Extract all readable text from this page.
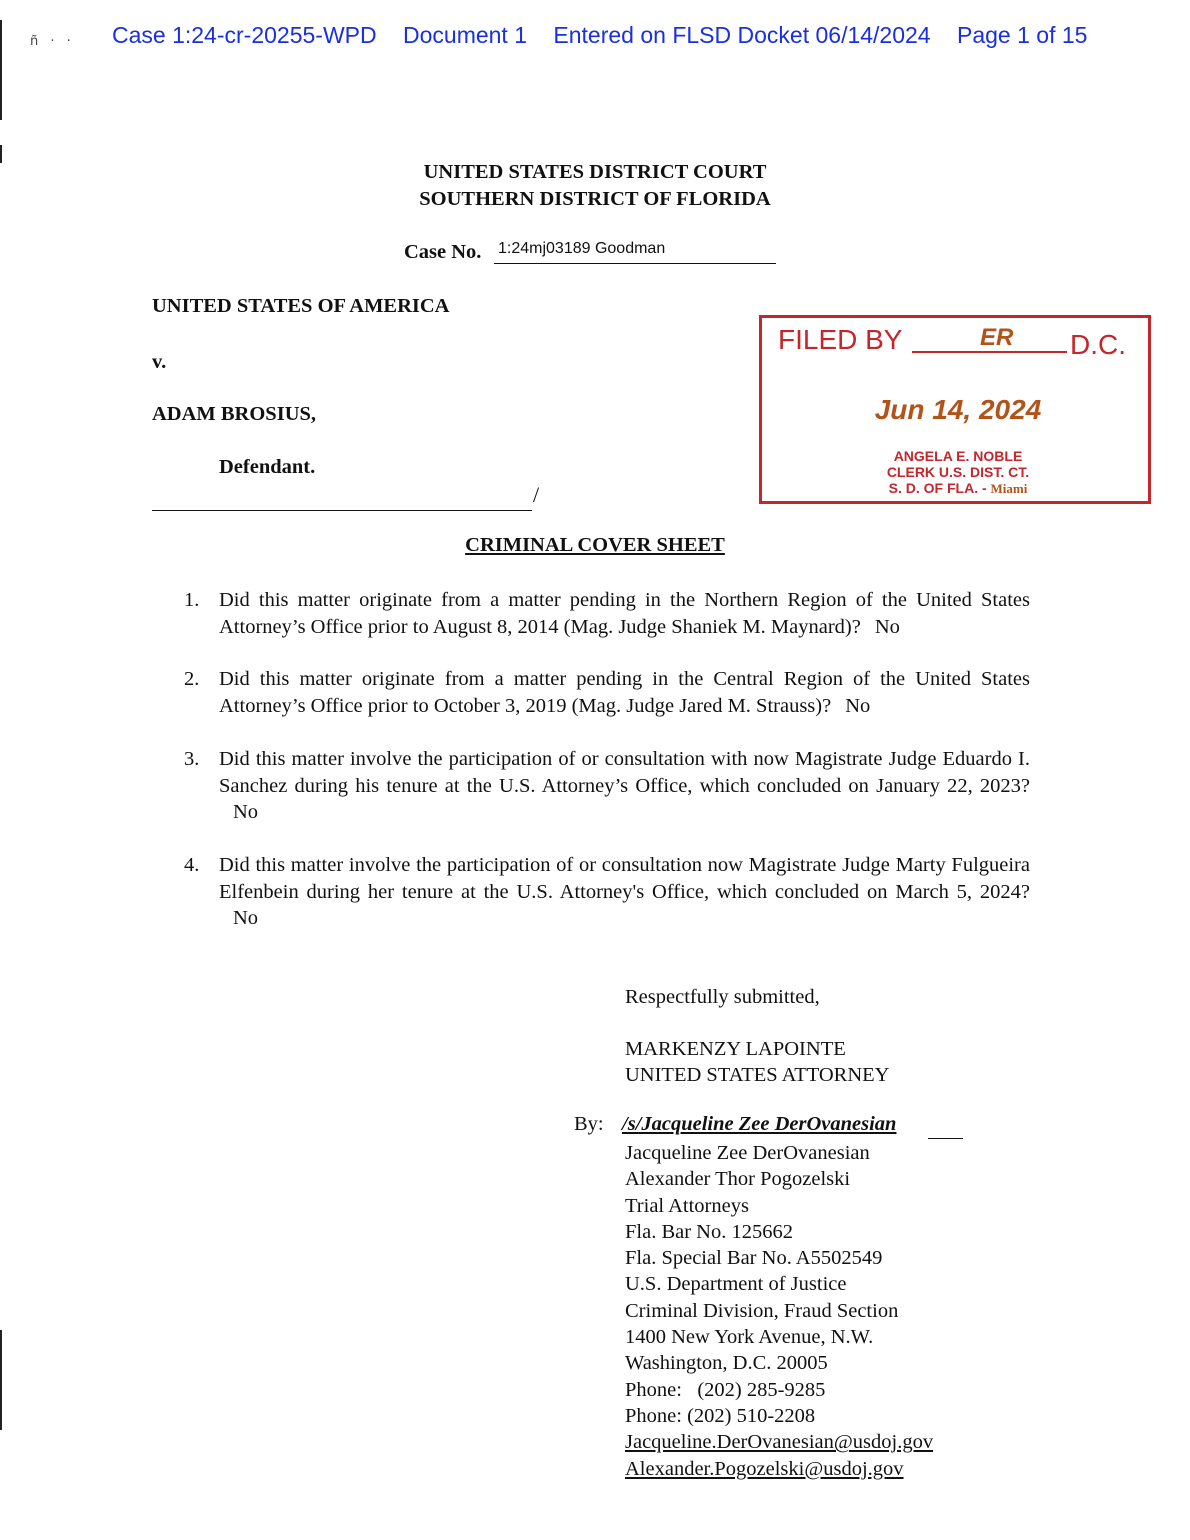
ñ · · Case 1:24-cr-20255-WPD Document 1 Entered on FLSD Docket 06/14/2024 Page 1 of 15
UNITED STATES DISTRICT COURT
SOUTHERN DISTRICT OF FLORIDA
Case No. 1:24mj03189 Goodman
UNITED STATES OF AMERICA
v.
ADAM BROSIUS,
Defendant.
/
FILED BY	ER D.C.
Jun 14, 2024
ANGELA E. NOBLE
CLERK U.S. DIST. CT.
S. D. OF FLA. - Miami
CRIMINAL COVER SHEET
1. Did this matter originate from a matter pending in the Northern Region of the United States Attorney’s Office prior to August 8, 2014 (Mag. Judge Shaniek M. Maynard)? No
2. Did this matter originate from a matter pending in the Central Region of the United States Attorney’s Office prior to October 3, 2019 (Mag. Judge Jared M. Strauss)? No
3. Did this matter involve the participation of or consultation with now Magistrate Judge Eduardo I. Sanchez during his tenure at the U.S. Attorney’s Office, which concluded on January 22, 2023?No
4. Did this matter involve the participation of or consultation now Magistrate Judge Marty Fulgueira Elfenbein during her tenure at the U.S. Attorney's Office, which concluded on March 5, 2024?No
Respectfully submitted,
MARKENZY LAPOINTE
UNITED STATES ATTORNEY
By: /s/Jacqueline Zee DerOvanesian
Jacqueline Zee DerOvanesian
Alexander Thor Pogozelski
Trial Attorneys
Fla. Bar No. 125662
Fla. Special Bar No. A5502549
U.S. Department of Justice
Criminal Division, Fraud Section
1400 New York Avenue, N.W.
Washington, D.C. 20005
Phone:   (202) 285-9285
Phone: (202) 510-2208
Jacqueline.DerOvanesian@usdoj.gov
Alexander.Pogozelski@usdoj.gov
